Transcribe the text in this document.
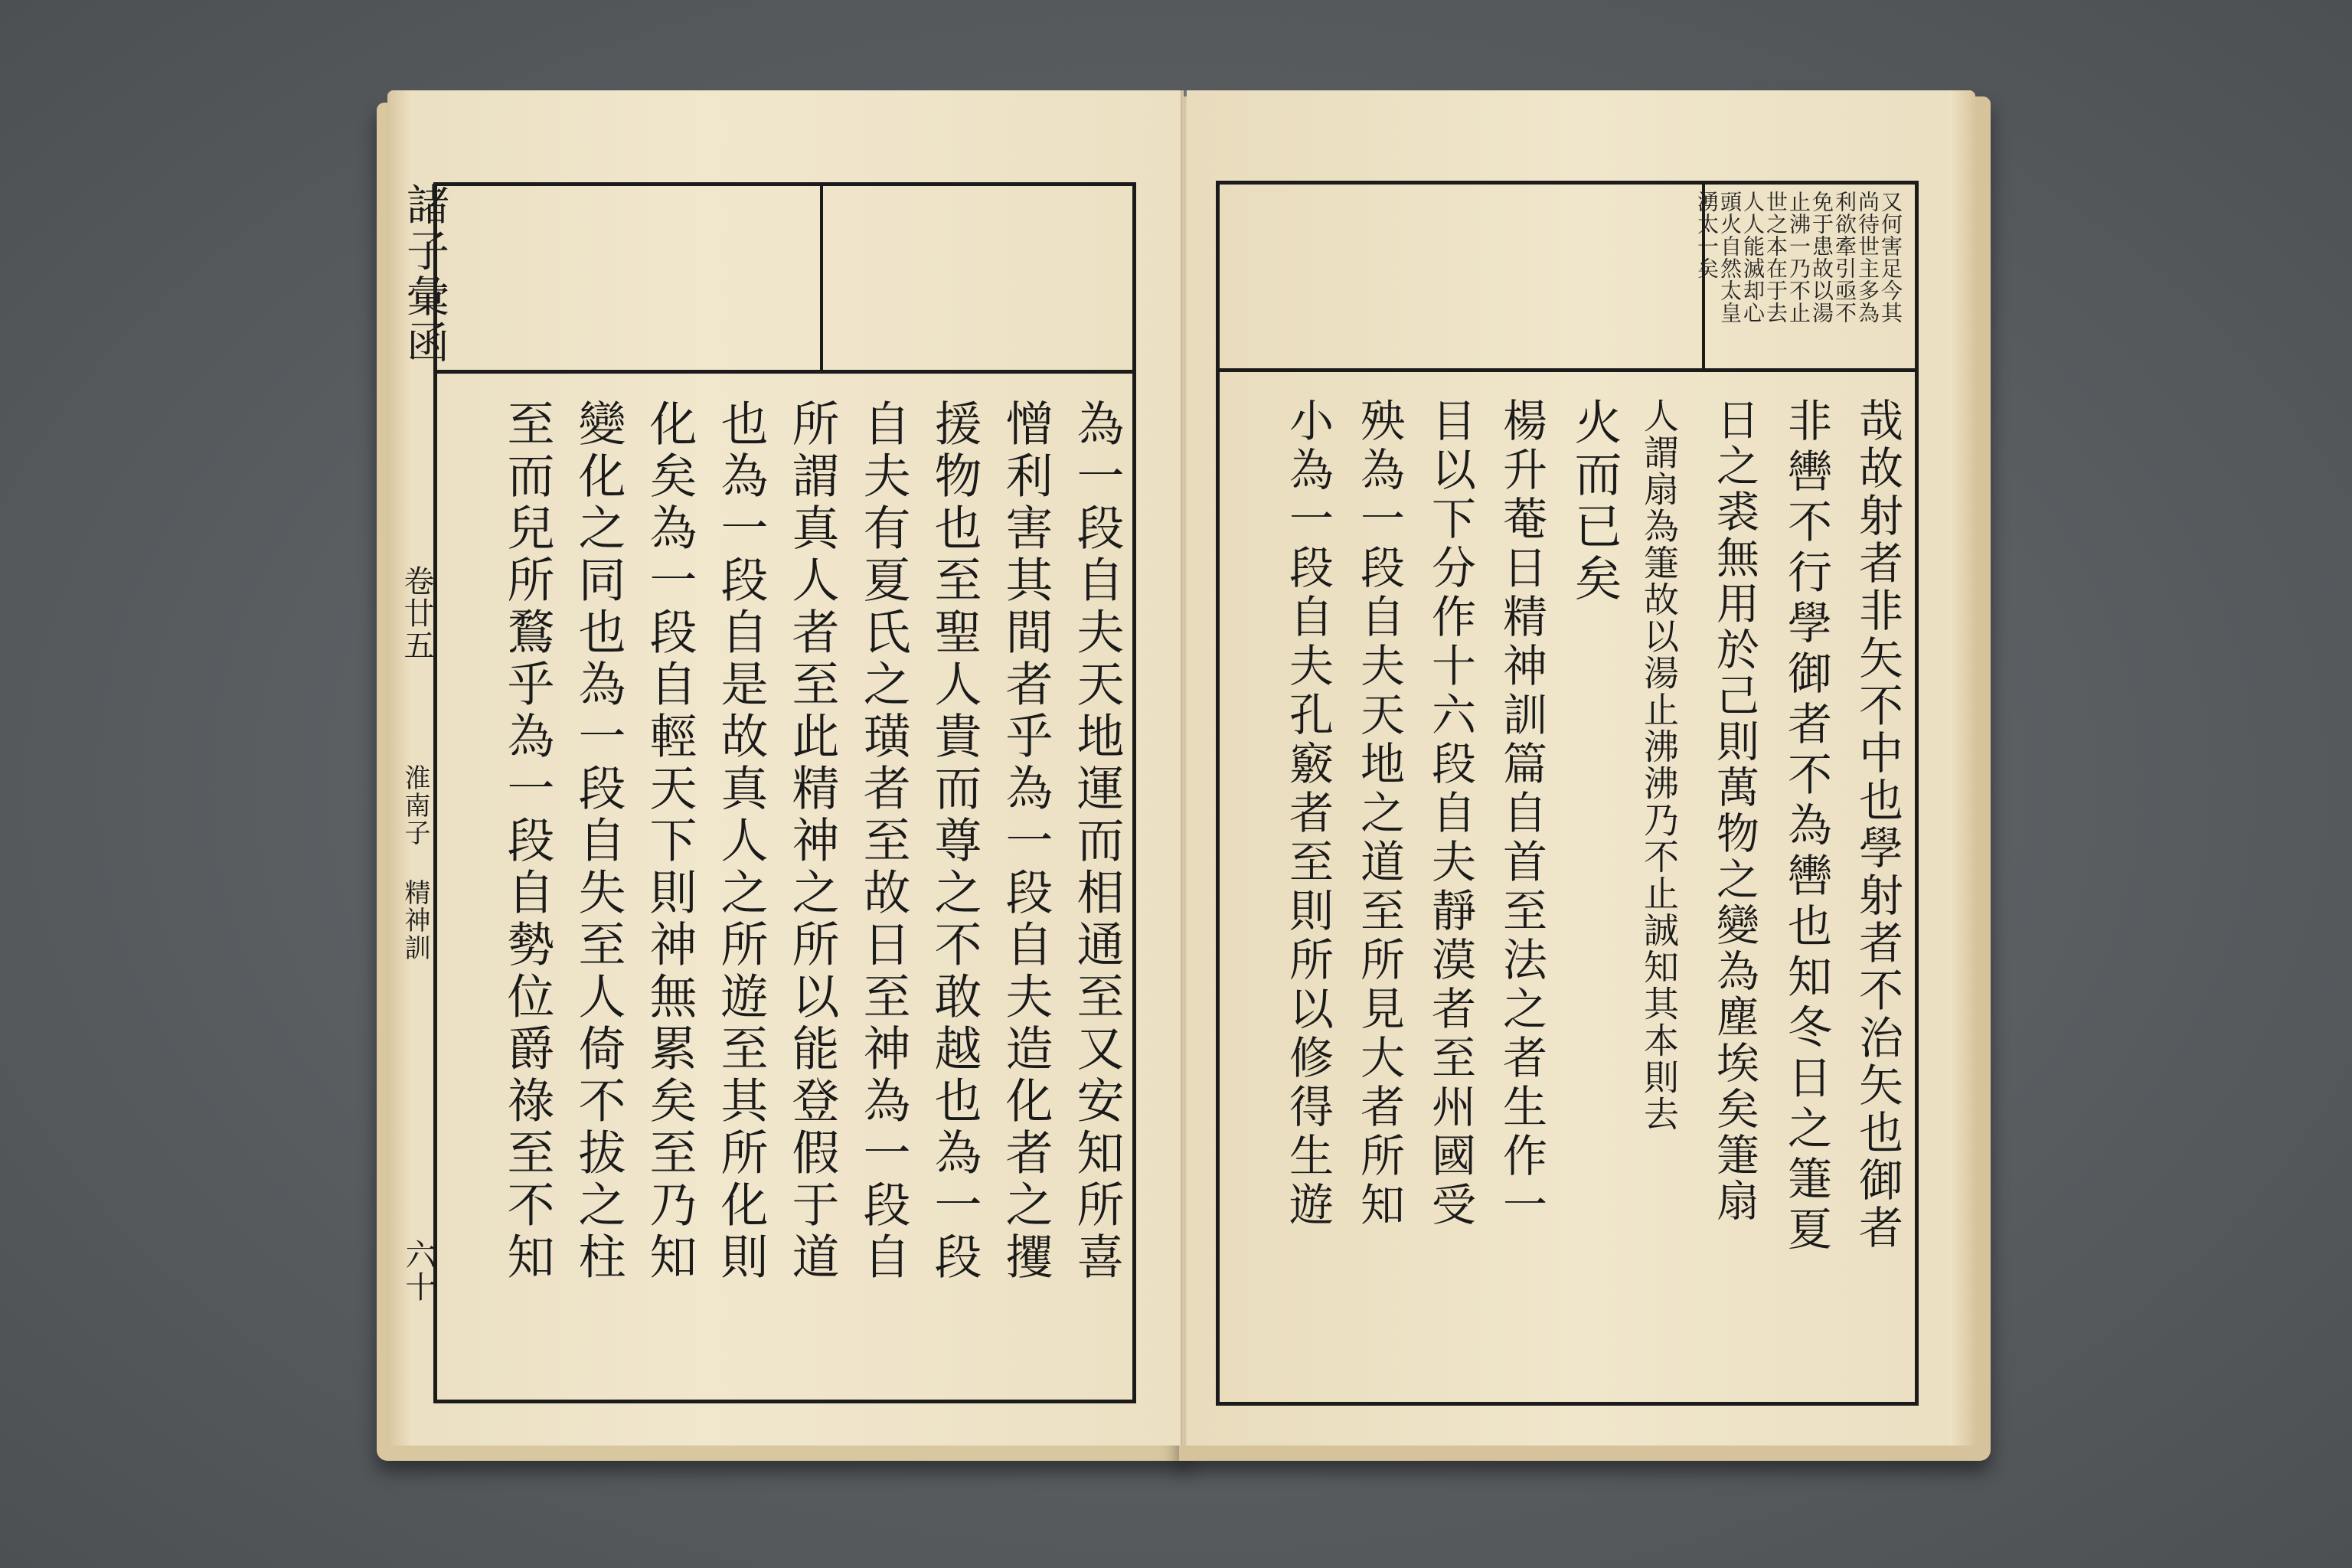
諸子彙函
卷廿五
淮南子 精神訓
六十	為一段自夫天地運而相通至又安知所喜
憎利害其間者乎為一段自夫造化者之攫
援物也至聖人貴而尊之不敢越也為一段
自夫有夏氏之璜者至故日至神為一段自
所謂真人者至此精神之所以能登假于道
也為一段自是故真人之所遊至其所化則
化矣為一段自輕天下則神無累矣至乃知
變化之同也為一段自失至人倚不拔之柱
至而兒所鶩乎為一段自勢位爵祿至不知
又何害足今其
尚待世主多為
利欲牽引亟不
免于患故以湯
止沸一乃不止
世之本在于去
人人能滅却心
頭火自然太皇
湧太一矣
哉故射者非矢不中也學射者不治矢也御者
非轡不行學御者不為轡也知冬日之箑夏
日之裘無用於己則萬物之變為塵埃矣箑扇
人謂扇為箑故以湯止沸沸乃不止誠知其本則去
火而已矣
楊升菴日精神訓篇自首至法之者生作一
目以下分作十六段自夫靜漠者至州國受
殃為一段自夫天地之道至所見大者所知
小為一段自夫孔竅者至則所以修得生遊
